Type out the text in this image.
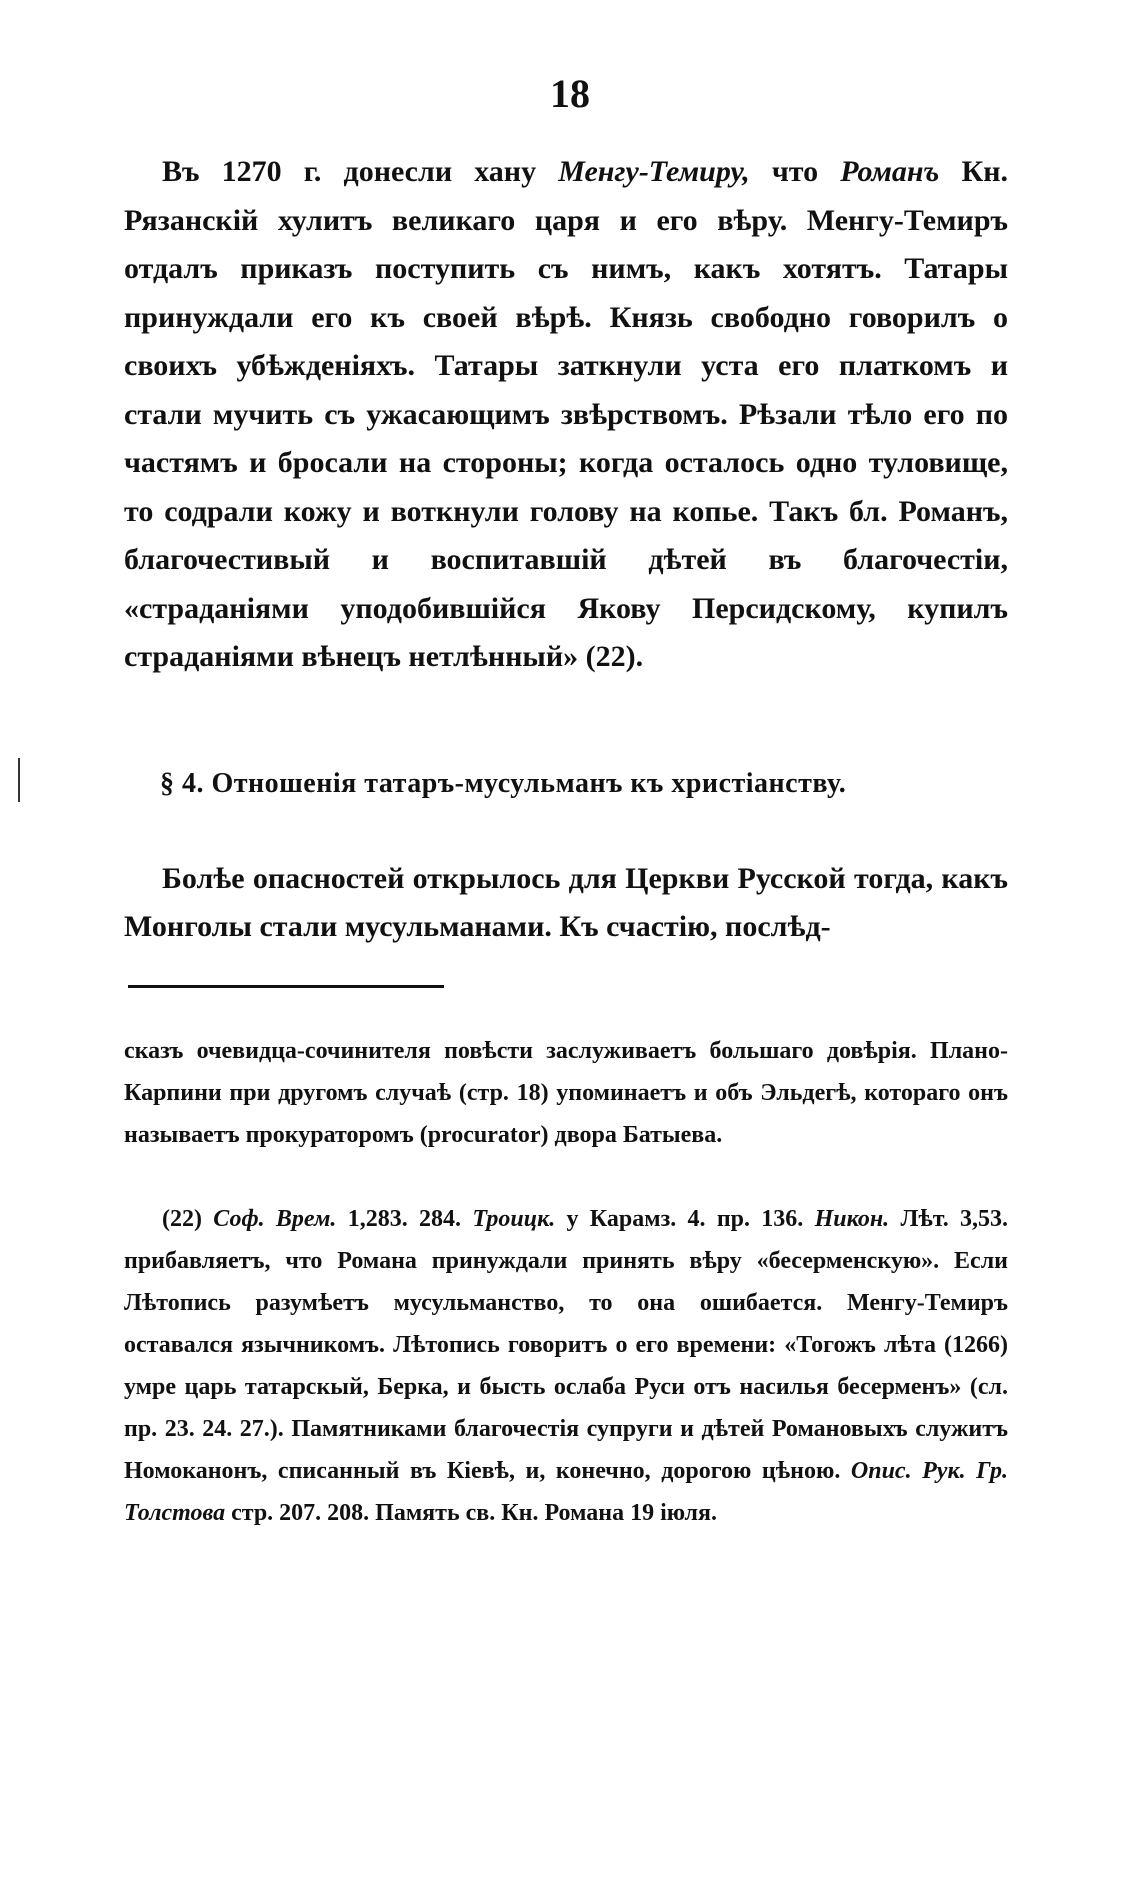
18
Въ 1270 г. донесли хану Менгу-Темиру, что Романъ Кн. Рязанскій хулитъ великаго царя и его вѣру. Менгу-Темиръ отдалъ приказъ поступить съ нимъ, какъ хотятъ. Татары принуждали его къ своей вѣрѣ. Князь свободно говорилъ о своихъ убѣжденіяхъ. Татары заткнули уста его платкомъ и стали мучить съ ужасающимъ звѣрствомъ. Рѣзали тѣло его по частямъ и бросали на стороны; когда осталось одно туловище, то содрали кожу и воткнули голову на копье. Такъ бл. Романъ, благочестивый и воспитавшій дѣтей въ благочестіи, «страданіями уподобившійся Якову Персидскому, купилъ страданіями вѣнецъ нетлѣнный» (22).
§ 4. Отношенія татаръ-мусульманъ къ христіанству.
Болѣе опасностей открылось для Церкви Русской тогда, какъ Монголы стали мусульманами. Къ счастію, послѣд-

сказъ очевидца-сочинителя повѣсти заслуживаетъ большаго довѣрія. Плано-Карпини при другомъ случаѣ (стр. 18) упоминаетъ и объ Эльдегѣ, котораго онъ называетъ прокураторомъ (procurator) двора Батыева.

(22) Соф. Врем. 1,283. 284. Троицк. у Карамз. 4. пр. 136. Никон. Лѣт. 3,53. прибавляетъ, что Романа принуждали принять вѣру «бесерменскую». Если Лѣтопись разумѣетъ мусульманство, то она ошибается. Менгу-Темиръ оставался язычникомъ. Лѣтопись говоритъ о его времени: «Тогожъ лѣта (1266) умре царь татарскый, Берка, и бысть ослаба Руси отъ насилья бесерменъ» (сл. пр. 23. 24. 27.). Памятниками благочестія супруги и дѣтей Романовыхъ служитъ Номоканонъ, списанный въ Кіевѣ, и, конечно, дорогою цѣною. Опис. Рук. Гр. Толстова стр. 207. 208. Память св. Кн. Романа 19 іюля.
